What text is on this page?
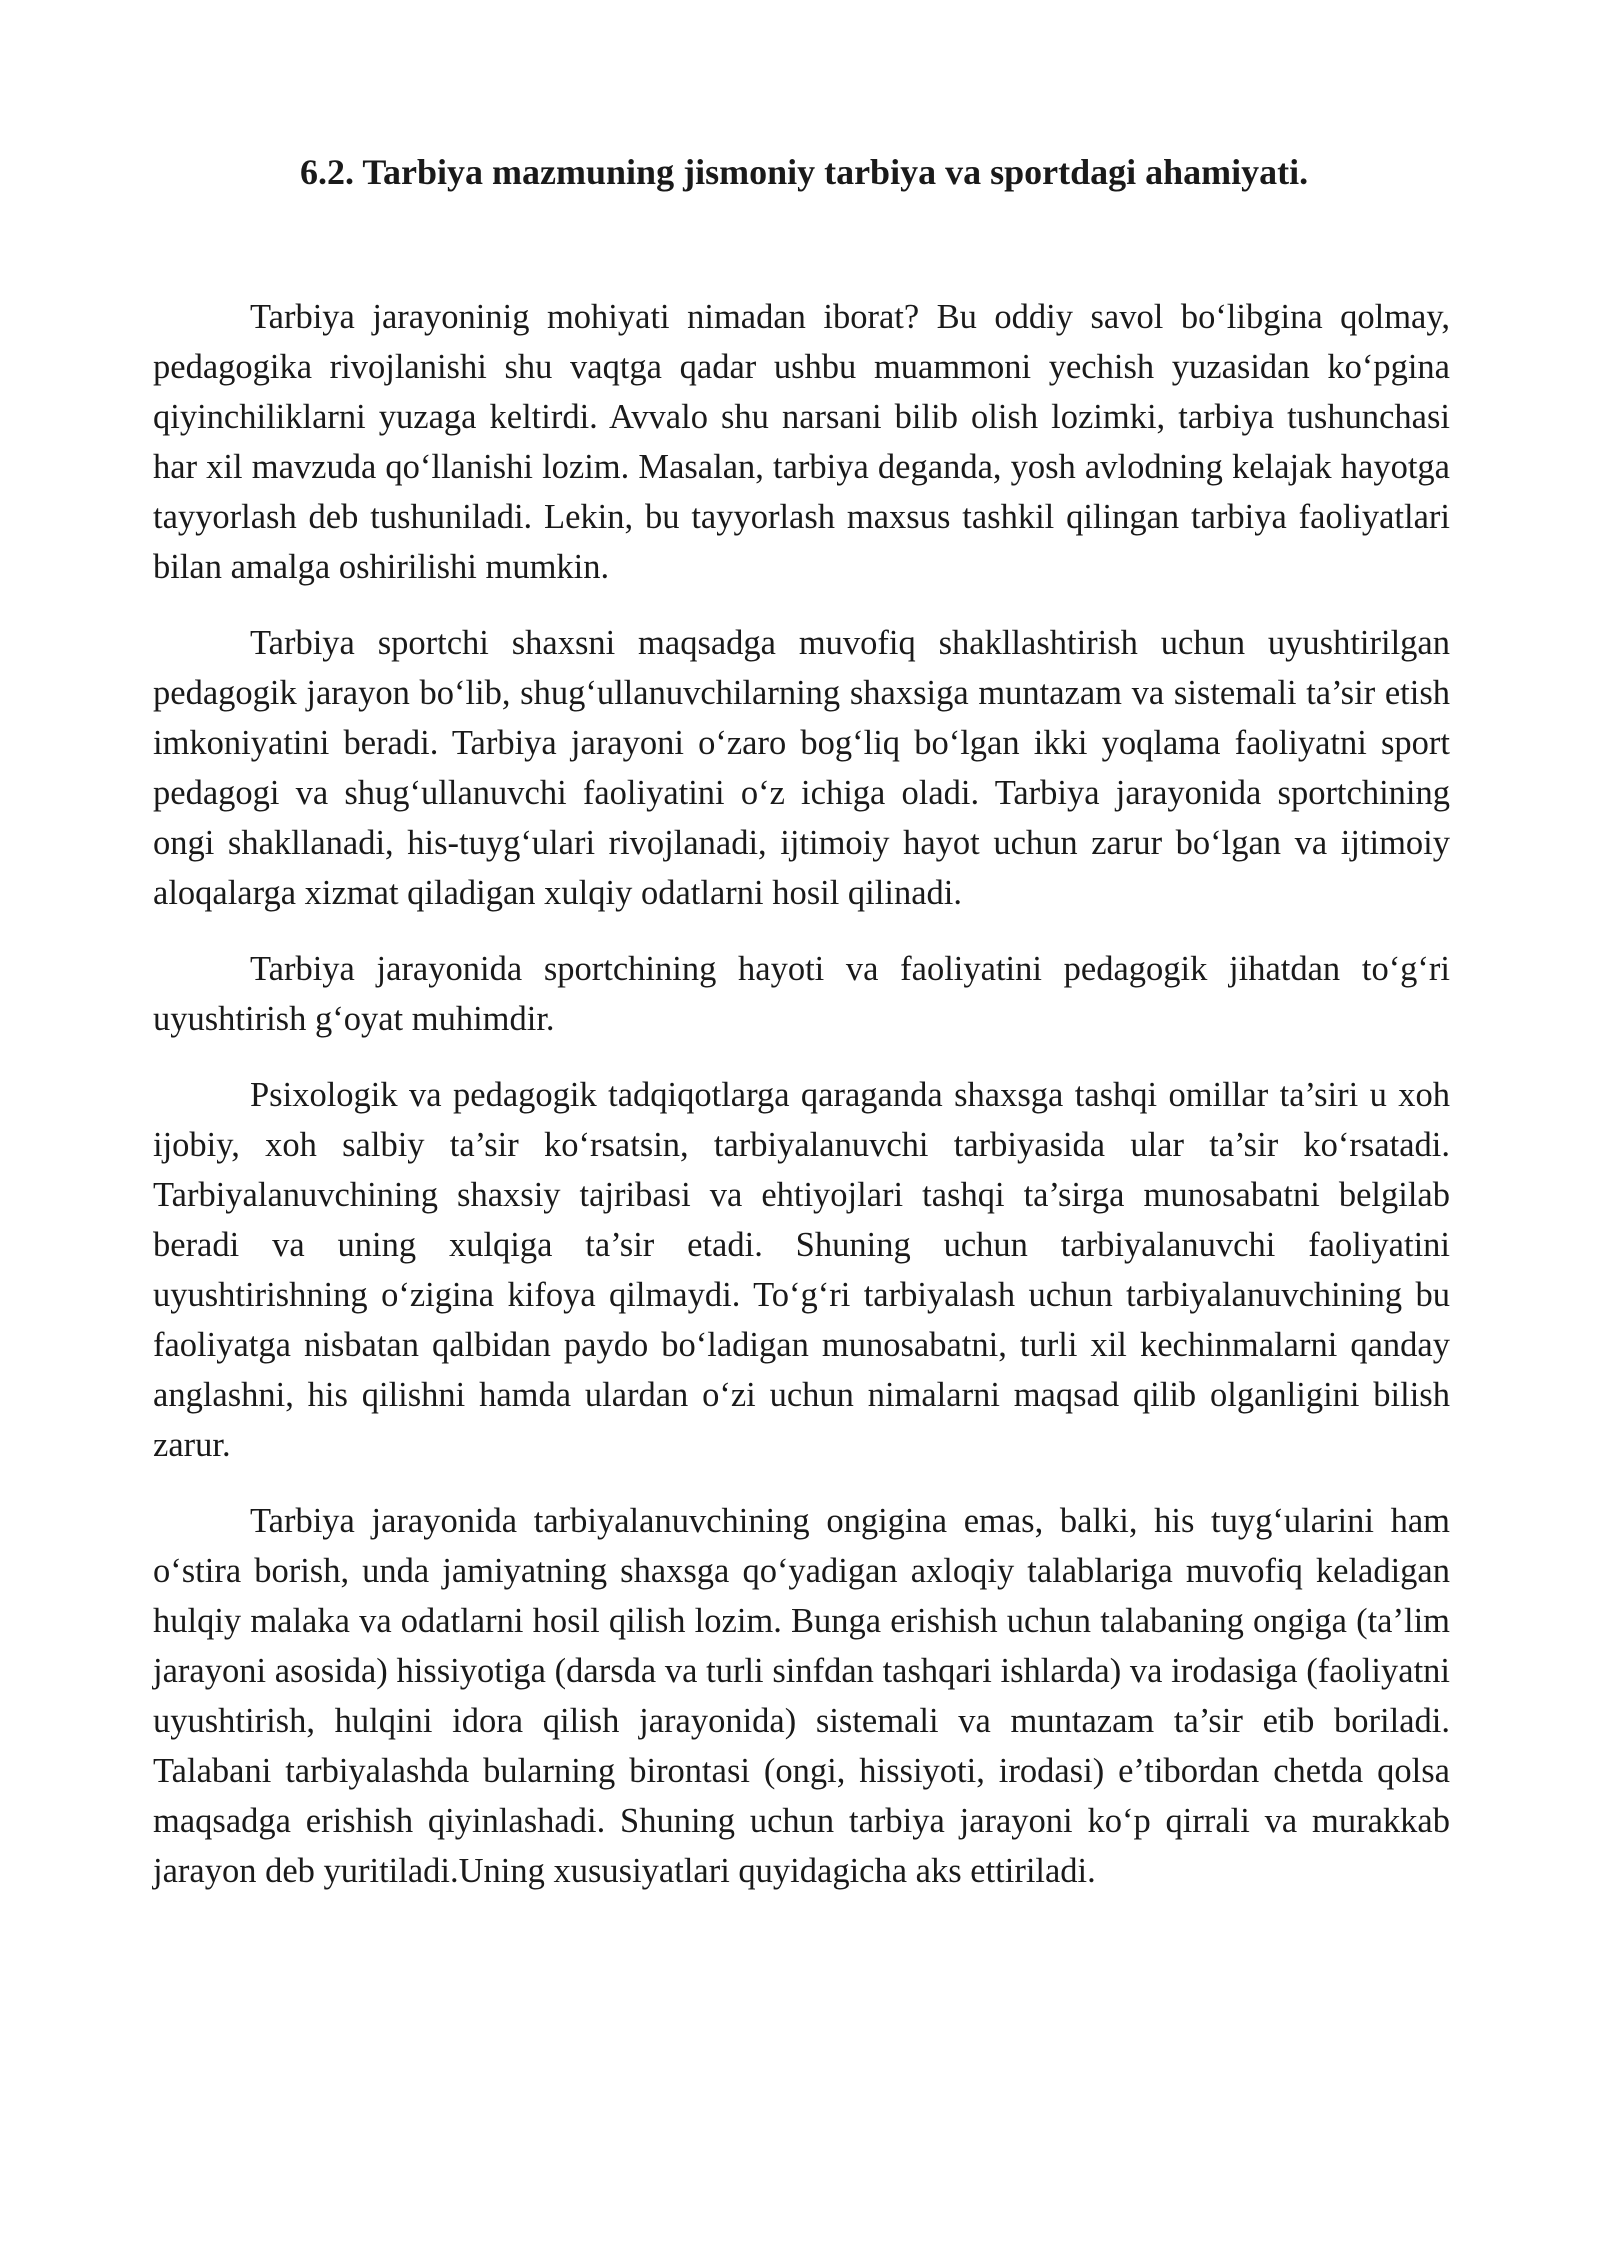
6.2. Tarbiya mazmuning jismoniy tarbiya va sportdagi ahamiyati.

Tarbiya jarayoninig mohiyati nimadan iborat? Bu oddiy savol bo‘libgina qolmay, pedagogika rivojlanishi shu vaqtga qadar ushbu muammoni yechish yuzasidan ko‘pgina qiyinchiliklarni yuzaga keltirdi. Avvalo shu narsani bilib olish lozimki, tarbiya tushunchasi har xil mavzuda qo‘llanishi lozim. Masalan, tarbiya deganda, yosh avlodning kelajak hayotga tayyorlash deb tushuniladi. Lekin, bu tayyorlash maxsus tashkil qilingan tarbiya faoliyatlari bilan amalga oshirilishi mumkin.

Tarbiya sportchi shaxsni maqsadga muvofiq shakllashtirish uchun uyushtirilgan pedagogik jarayon bo‘lib, shug‘ullanuvchilarning shaxsiga muntazam va sistemali ta’sir etish imkoniyatini beradi. Tarbiya jarayoni o‘zaro bog‘liq bo‘lgan ikki yoqlama faoliyatni sport pedagogi va shug‘ullanuvchi faoliyatini o‘z ichiga oladi. Tarbiya jarayonida sportchining ongi shakllanadi, his-tuyg‘ulari rivojlanadi, ijtimoiy hayot uchun zarur bo‘lgan va ijtimoiy aloqalarga xizmat qiladigan xulqiy odatlarni hosil qilinadi.

Tarbiya jarayonida sportchining hayoti va faoliyatini pedagogik jihatdan to‘g‘ri uyushtirish g‘oyat muhimdir.

Psixologik va pedagogik tadqiqotlarga qaraganda shaxsga tashqi omillar ta’siri u xoh ijobiy, xoh salbiy ta’sir ko‘rsatsin, tarbiyalanuvchi tarbiyasida ular ta’sir ko‘rsatadi. Tarbiyalanuvchining shaxsiy tajribasi va ehtiyojlari tashqi ta’sirga munosabatni belgilab beradi va uning xulqiga ta’sir etadi. Shuning uchun tarbiyalanuvchi faoliyatini uyushtirishning o‘zigina kifoya qilmaydi. To‘g‘ri tarbiyalash uchun tarbiyalanuvchining bu faoliyatga nisbatan qalbidan paydo bo‘ladigan munosabatni, turli xil kechinmalarni qanday anglashni, his qilishni hamda ulardan o‘zi uchun nimalarni maqsad qilib olganligini bilish zarur.

Tarbiya jarayonida tarbiyalanuvchining ongigina emas, balki, his tuyg‘ularini ham o‘stira borish, unda jamiyatning shaxsga qo‘yadigan axloqiy talablariga muvofiq keladigan hulqiy malaka va odatlarni hosil qilish lozim. Bunga erishish uchun talabaning ongiga (ta’lim jarayoni asosida) hissiyotiga (darsda va turli sinfdan tashqari ishlarda) va irodasiga (faoliyatni uyushtirish, hulqini idora qilish jarayonida) sistemali va muntazam ta’sir etib boriladi. Talabani tarbiyalashda bularning birontasi (ongi, hissiyoti, irodasi) e’tibordan chetda qolsa maqsadga erishish qiyinlashadi. Shuning uchun tarbiya jarayoni ko‘p qirrali va murakkab jarayon deb yuritiladi.Uning xususiyatlari quyidagicha aks ettiriladi.
